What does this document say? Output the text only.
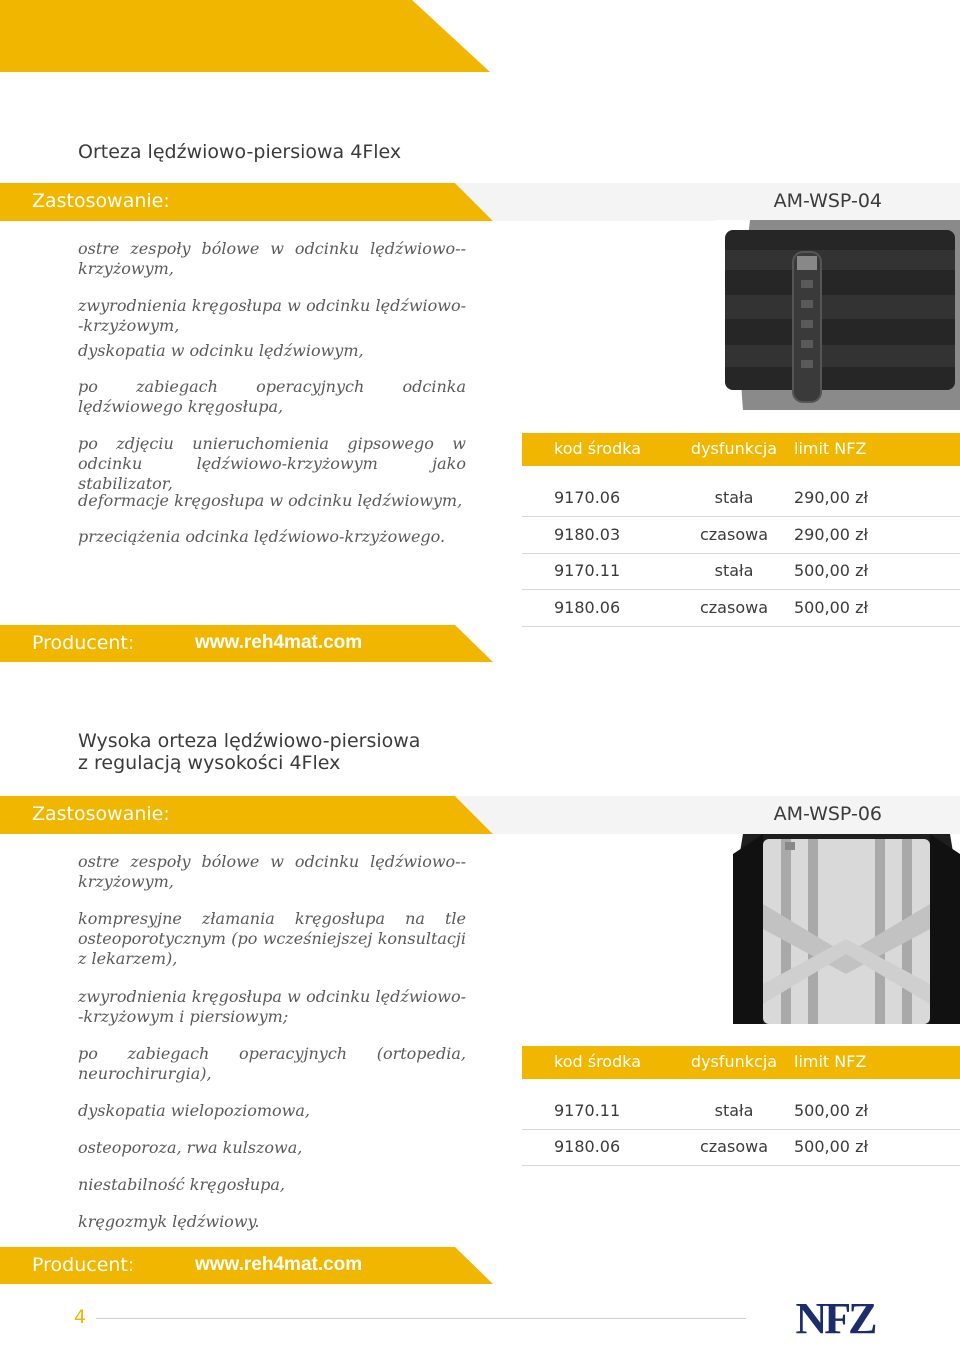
Elementy Tułowia
Orteza lędźwiowo-piersiowa 4Flex
Zastosowanie:	AM-WSP-04
ostre zespoły bólowe w odcinku lędźwiowo--krzyżowym,
zwyrodnienia kręgosłupa w odcinku lędźwiowo--krzyżowym,
dyskopatia w odcinku lędźwiowym,
po zabiegach operacyjnych odcinka lędźwiowego kręgosłupa,
po zdjęciu unieruchomienia gipsowego w odcinku lędźwiowo-krzyżowym jako stabilizator,
deformacje kręgosłupa w odcinku lędźwiowym,
przeciążenia odcinka lędźwiowo-krzyżowego.
kod środka	dysfunkcja	limit NFZ
9170.06	stała	290,00 zł
9180.03	czasowa	290,00 zł
9170.11	stała	500,00 zł
9180.06	czasowa	500,00 zł
Producent:	www.reh4mat.com
Wysoka orteza lędźwiowo-piersiowa
z regulacją wysokości 4Flex
Zastosowanie:	AM-WSP-06
ostre zespoły bólowe w odcinku lędźwiowo--krzyżowym,
kompresyjne złamania kręgosłupa na tle osteoporotycznym (po wcześniejszej konsultacji z lekarzem),
zwyrodnienia kręgosłupa w odcinku lędźwiowo--krzyżowym i piersiowym;
po zabiegach operacyjnych (ortopedia, neurochirurgia),
dyskopatia wielopoziomowa,
osteoporoza, rwa kulszowa,
niestabilność kręgosłupa,
kręgozmyk lędźwiowy.
kod środka	dysfunkcja	limit NFZ
9170.11	stała	500,00 zł
9180.06	czasowa	500,00 zł
Producent:	www.reh4mat.com
4	NFZ
